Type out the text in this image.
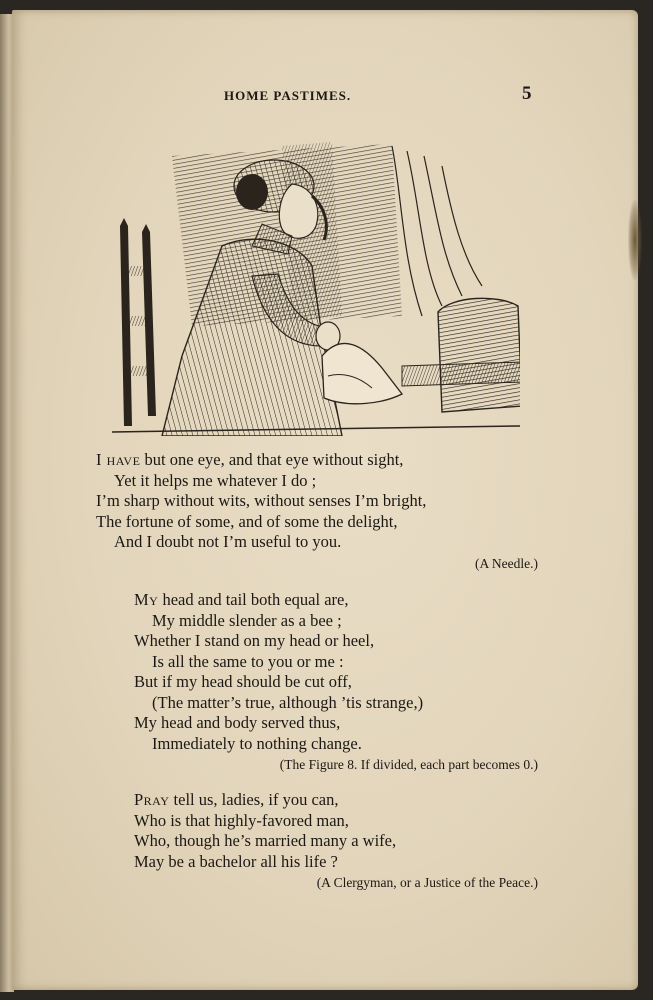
HOME PASTIMES.	5
I have but one eye, and that eye without sight,
Yet it helps me whatever I do ;
I’m sharp without wits, without senses I’m bright,
The fortune of some, and of some the delight,
And I doubt not I’m useful to you.
(A Needle.)
My head and tail both equal are,
My middle slender as a bee ;
Whether I stand on my head or heel,
Is all the same to you or me :
But if my head should be cut off,
(The matter’s true, although ’tis strange,)
My head and body served thus,
Immediately to nothing change.
(The Figure 8. If divided, each part becomes 0.)
Pray tell us, ladies, if you can,
Who is that highly-favored man,
Who, though he’s married many a wife,
May be a bachelor all his life ?
(A Clergyman, or a Justice of the Peace.)
